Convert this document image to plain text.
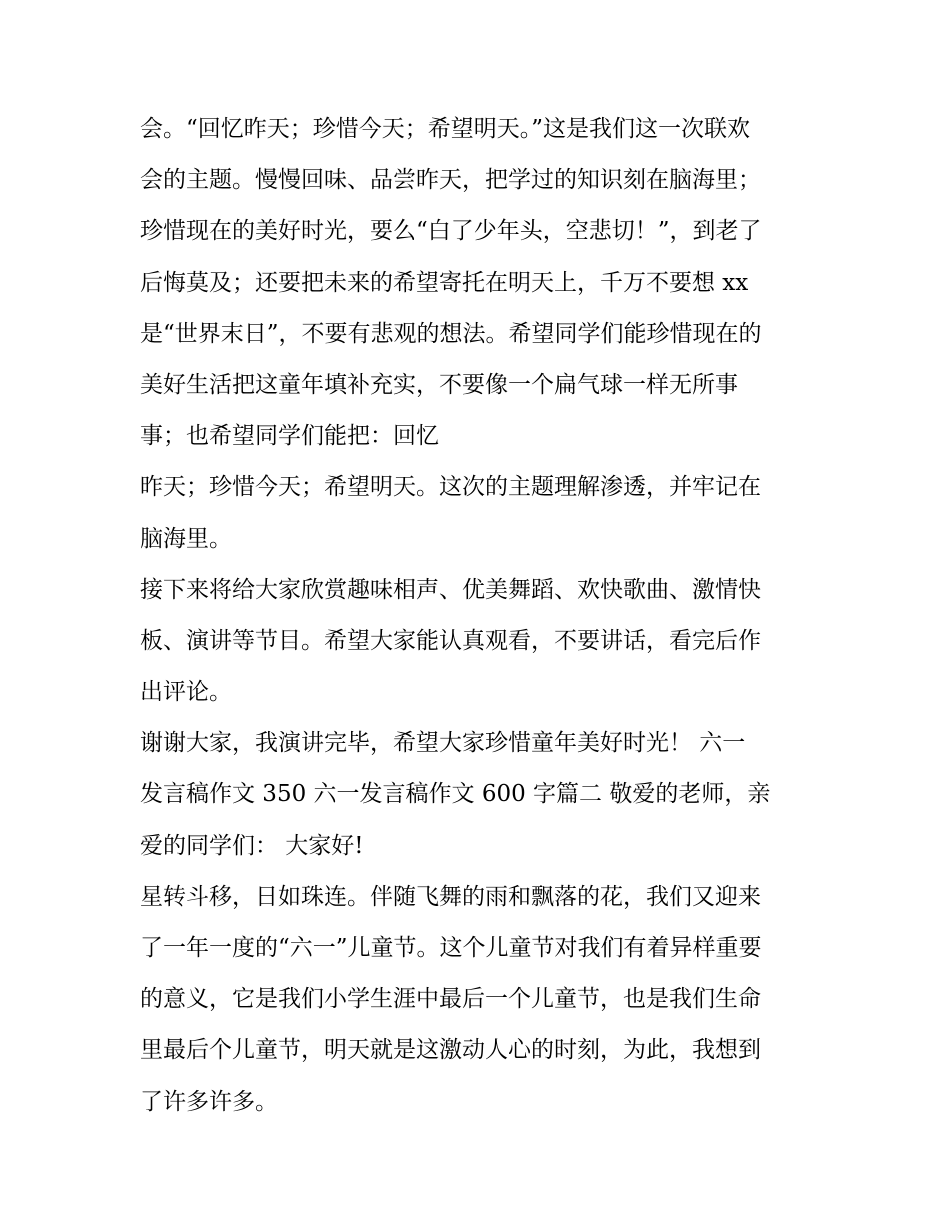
会。“回忆昨天；珍惜今天；希望明天。”这是我们这一次联欢
会的主题。慢慢回味、品尝昨天，把学过的知识刻在脑海里；
珍惜现在的美好时光，要么“白了少年头，空悲切！”，到老了
后悔莫及；还要把未来的希望寄托在明天上，千万不要想 xx
是“世界末日”，不要有悲观的想法。希望同学们能珍惜现在的
美好生活把这童年填补充实，不要像一个扁气球一样无所事
事；也希望同学们能把：回忆
昨天；珍惜今天；希望明天。这次的主题理解渗透，并牢记在
脑海里。
接下来将给大家欣赏趣味相声、优美舞蹈、欢快歌曲、激情快
板、演讲等节目。希望大家能认真观看，不要讲话，看完后作
出评论。
谢谢大家，我演讲完毕，希望大家珍惜童年美好时光！ 六一
发言稿作文 350 六一发言稿作文 600 字篇二 敬爱的老师，亲
爱的同学们： 大家好!
星转斗移，日如珠连。伴随飞舞的雨和飘落的花，我们又迎来
了一年一度的“六一”儿童节。这个儿童节对我们有着异样重要
的意义，它是我们小学生涯中最后一个儿童节，也是我们生命
里最后个儿童节，明天就是这激动人心的时刻，为此，我想到
了许多许多。
